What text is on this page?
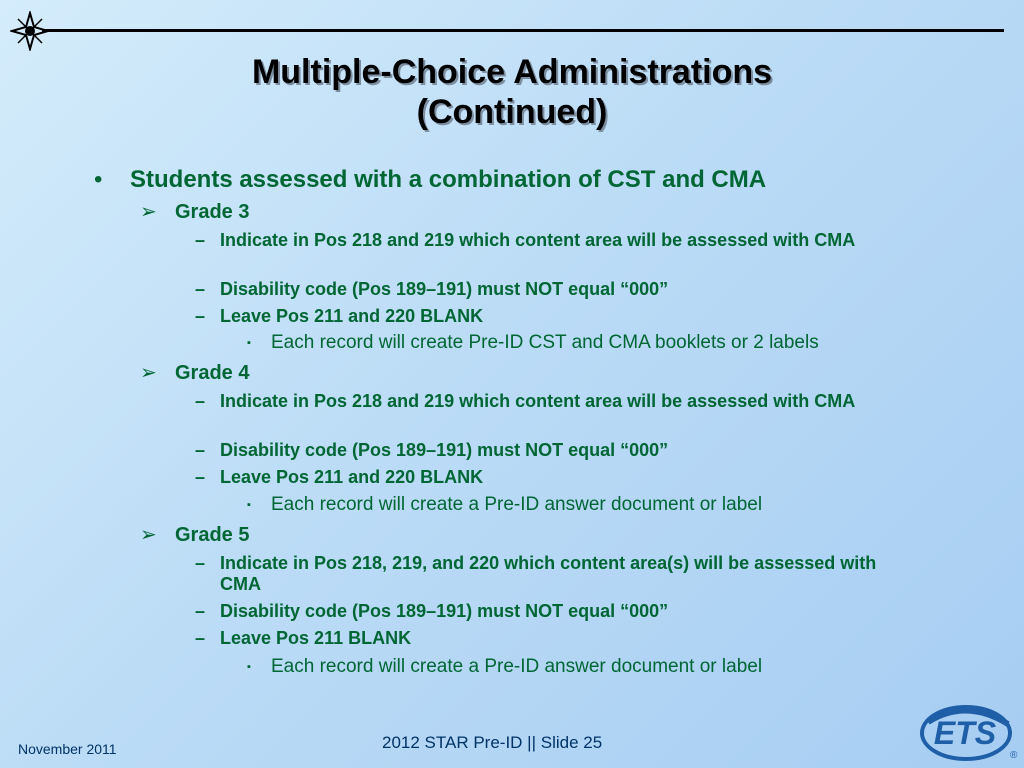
Multiple-Choice Administrations
(Continued)
• Students assessed with a combination of CST and CMA
➢ Grade 3
– Indicate in Pos 218 and 219 which content area will be assessed with CMA
– Disability code (Pos 189–191) must NOT equal “000”
– Leave Pos 211 and 220 BLANK
▪ Each record will create Pre-ID CST and CMA booklets or 2 labels
➢ Grade 4
– Indicate in Pos 218 and 219 which content area will be assessed with CMA
– Disability code (Pos 189–191) must NOT equal “000”
– Leave Pos 211 and 220 BLANK
▪ Each record will create a Pre-ID answer document or label
➢ Grade 5
– Indicate in Pos 218, 219, and 220 which content area(s) will be assessed with CMA
– Disability code (Pos 189–191) must NOT equal “000”
– Leave Pos 211 BLANK
▪ Each record will create a Pre-ID answer document or label
November 2011	2012 STAR Pre-ID || Slide 25	ETS
®
